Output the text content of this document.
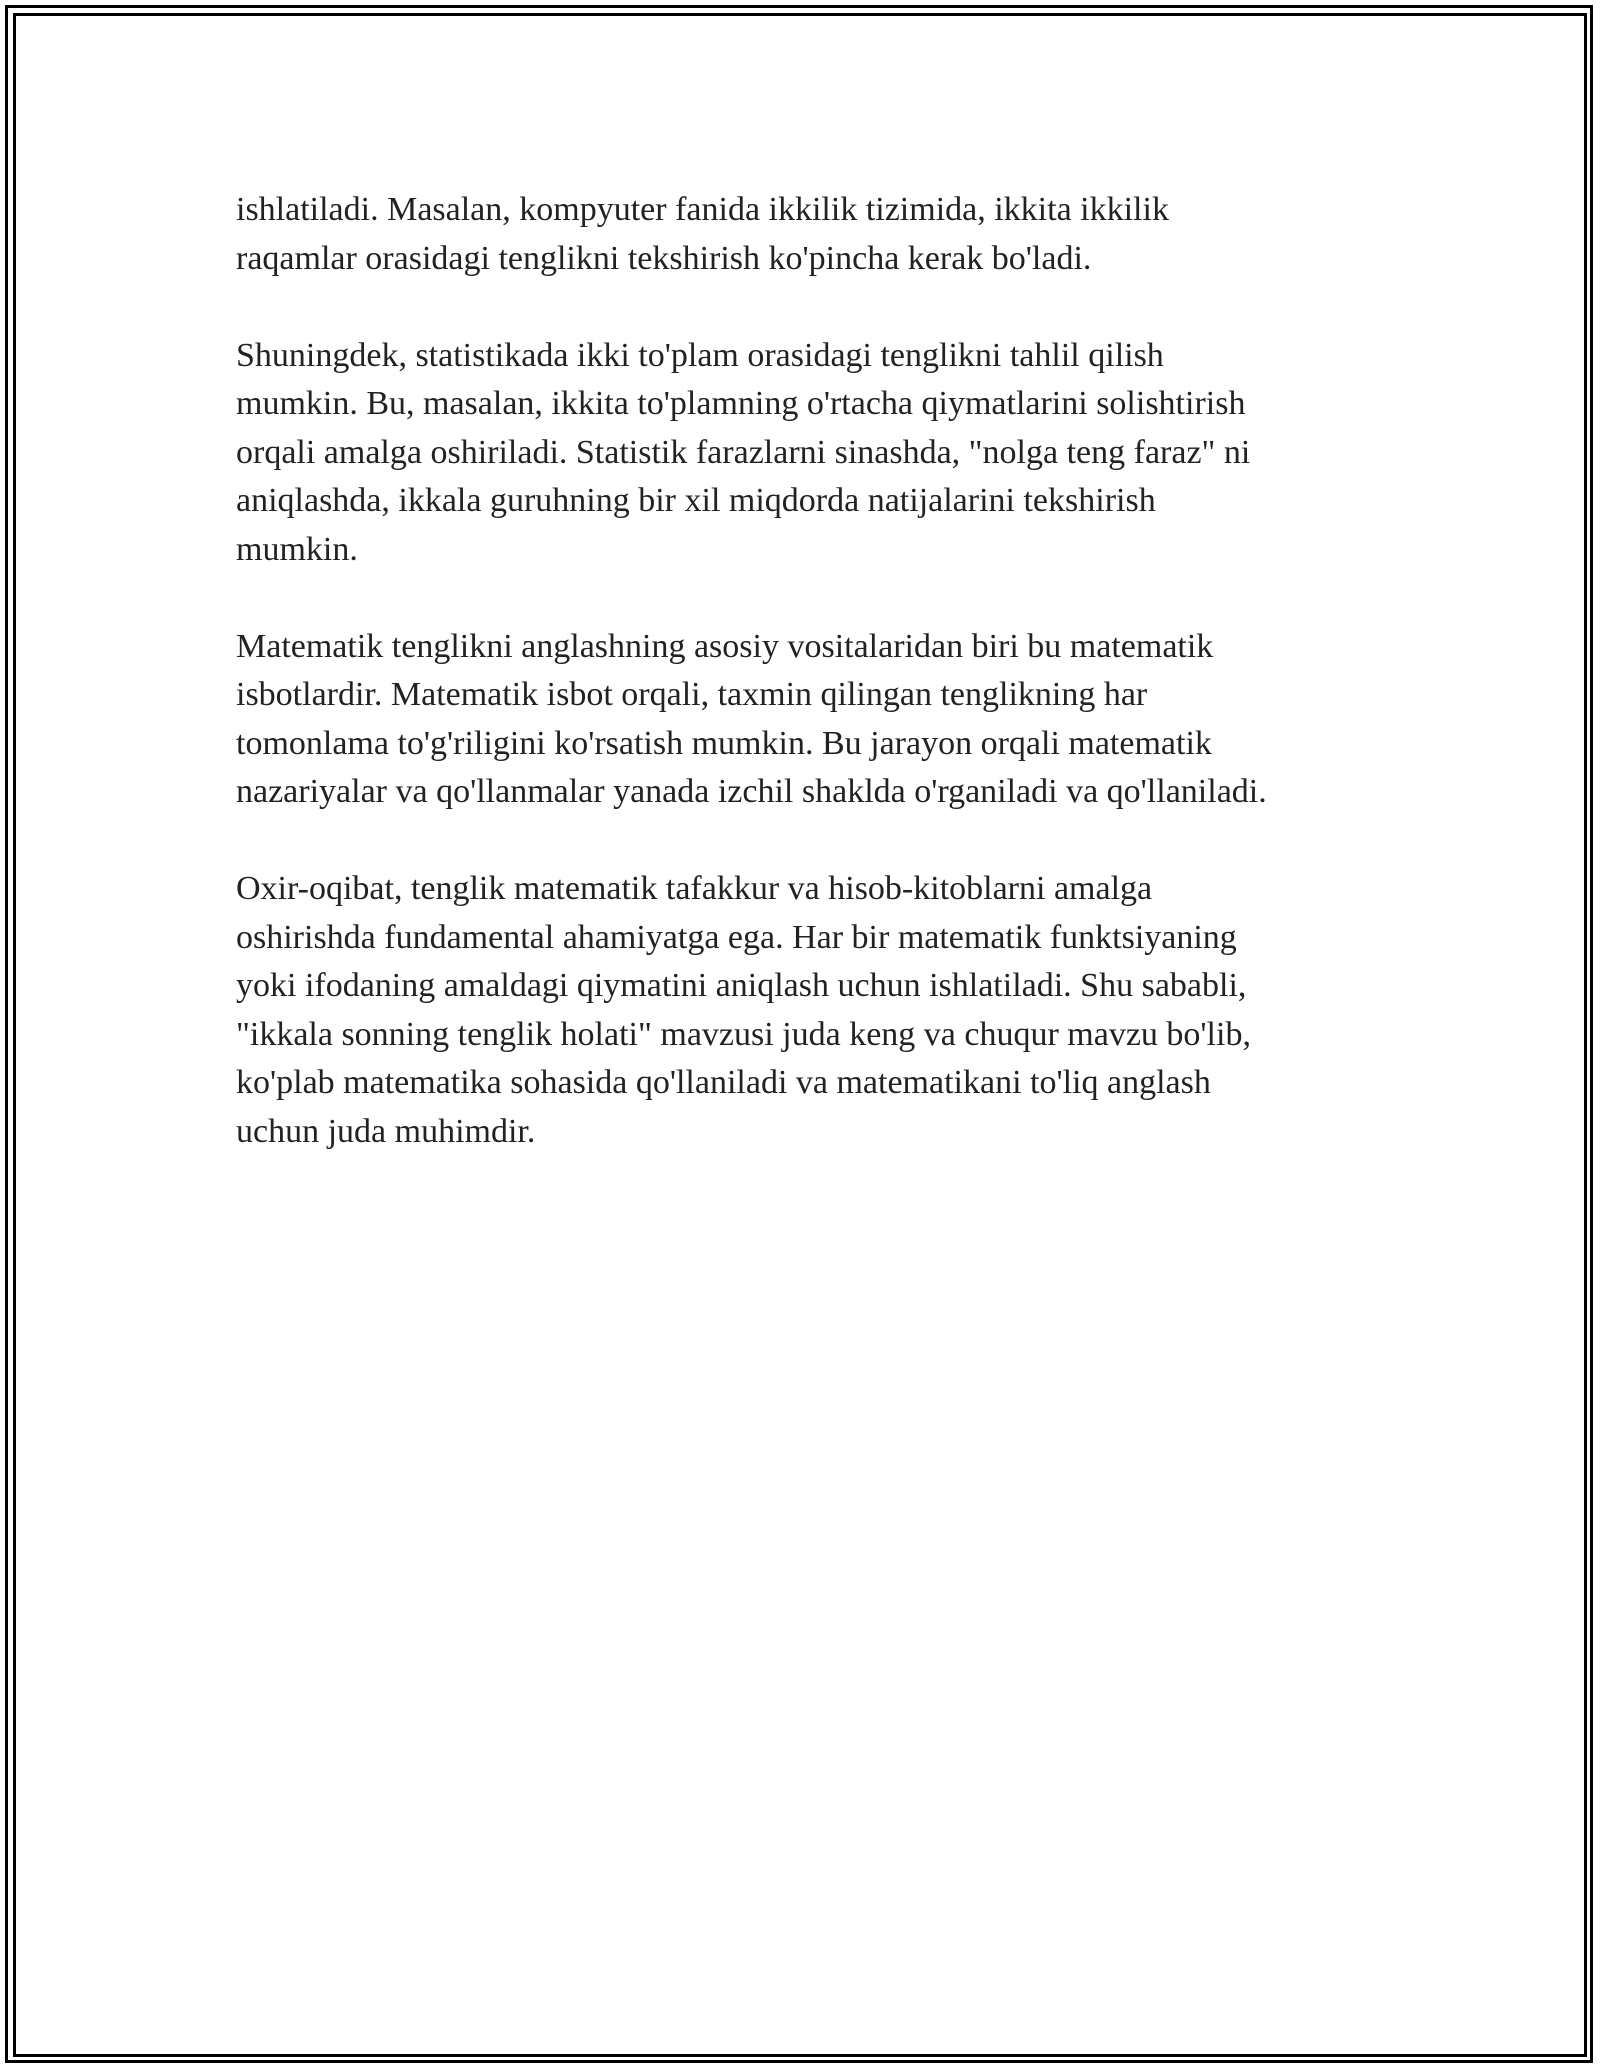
ishlatiladi. Masalan, kompyuter fanida ikkilik tizimida, ikkita ikkilik
raqamlar orasidagi tenglikni tekshirish ko'pincha kerak bo'ladi.

Shuningdek, statistikada ikki to'plam orasidagi tenglikni tahlil qilish
mumkin. Bu, masalan, ikkita to'plamning o'rtacha qiymatlarini solishtirish
orqali amalga oshiriladi. Statistik farazlarni sinashda, "nolga teng faraz" ni
aniqlashda, ikkala guruhning bir xil miqdorda natijalarini tekshirish
mumkin.

Matematik tenglikni anglashning asosiy vositalaridan biri bu matematik
isbotlardir. Matematik isbot orqali, taxmin qilingan tenglikning har
tomonlama to'g'riligini ko'rsatish mumkin. Bu jarayon orqali matematik
nazariyalar va qo'llanmalar yanada izchil shaklda o'rganiladi va qo'llaniladi.

Oxir-oqibat, tenglik matematik tafakkur va hisob-kitoblarni amalga
oshirishda fundamental ahamiyatga ega. Har bir matematik funktsiyaning
yoki ifodaning amaldagi qiymatini aniqlash uchun ishlatiladi. Shu sababli,
"ikkala sonning tenglik holati" mavzusi juda keng va chuqur mavzu bo'lib,
ko'plab matematika sohasida qo'llaniladi va matematikani to'liq anglash
uchun juda muhimdir.
